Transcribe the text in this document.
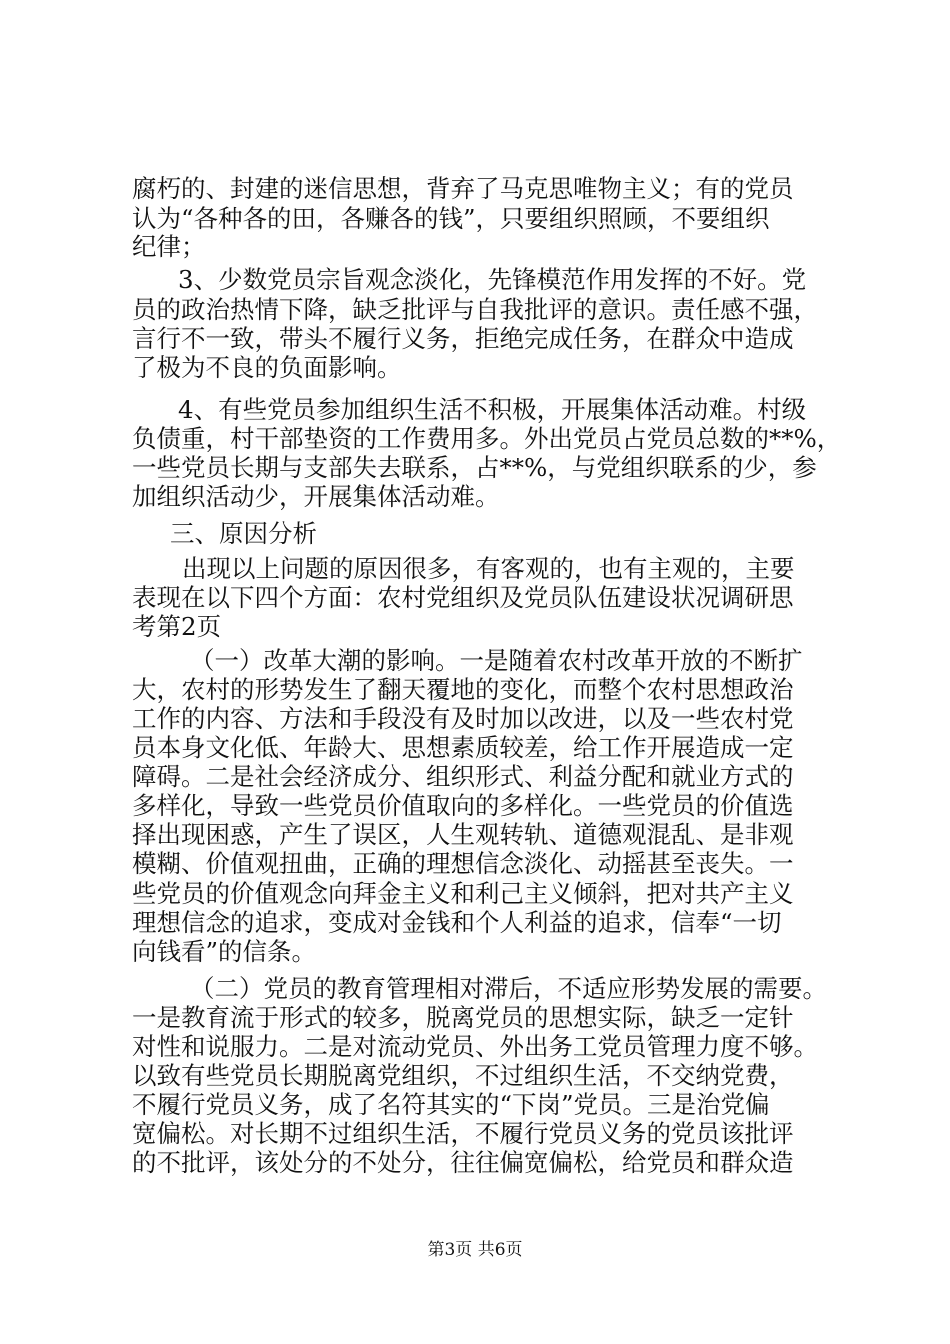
腐朽的、封建的迷信思想，背弃了马克思唯物主义；有的党员
认为“各种各的田，各赚各的钱”，只要组织照顾，不要组织
纪律；
3、少数党员宗旨观念淡化，先锋模范作用发挥的不好。党
员的政治热情下降，缺乏批评与自我批评的意识。责任感不强，
言行不一致，带头不履行义务，拒绝完成任务，在群众中造成
了极为不良的负面影响。
4、有些党员参加组织生活不积极，开展集体活动难。村级
负债重，村干部垫资的工作费用多。外出党员占党员总数的**%，
一些党员长期与支部失去联系，占**%，与党组织联系的少，参
加组织活动少，开展集体活动难。
三、原因分析
出现以上问题的原因很多，有客观的，也有主观的，主要
表现在以下四个方面：农村党组织及党员队伍建设状况调研思
考第2页
（一）改革大潮的影响。一是随着农村改革开放的不断扩
大，农村的形势发生了翻天覆地的变化，而整个农村思想政治
工作的内容、方法和手段没有及时加以改进，以及一些农村党
员本身文化低、年龄大、思想素质较差，给工作开展造成一定
障碍。二是社会经济成分、组织形式、利益分配和就业方式的
多样化，导致一些党员价值取向的多样化。一些党员的价值选
择出现困惑，产生了误区，人生观转轨、道德观混乱、是非观
模糊、价值观扭曲，正确的理想信念淡化、动摇甚至丧失。一
些党员的价值观念向拜金主义和利己主义倾斜，把对共产主义
理想信念的追求，变成对金钱和个人利益的追求，信奉“一切
向钱看”的信条。
（二）党员的教育管理相对滞后，不适应形势发展的需要。
一是教育流于形式的较多，脱离党员的思想实际，缺乏一定针
对性和说服力。二是对流动党员、外出务工党员管理力度不够。
以致有些党员长期脱离党组织，不过组织生活，不交纳党费，
不履行党员义务，成了名符其实的“下岗”党员。三是治党偏
宽偏松。对长期不过组织生活，不履行党员义务的党员该批评
的不批评，该处分的不处分，往往偏宽偏松，给党员和群众造
第3页 共6页
